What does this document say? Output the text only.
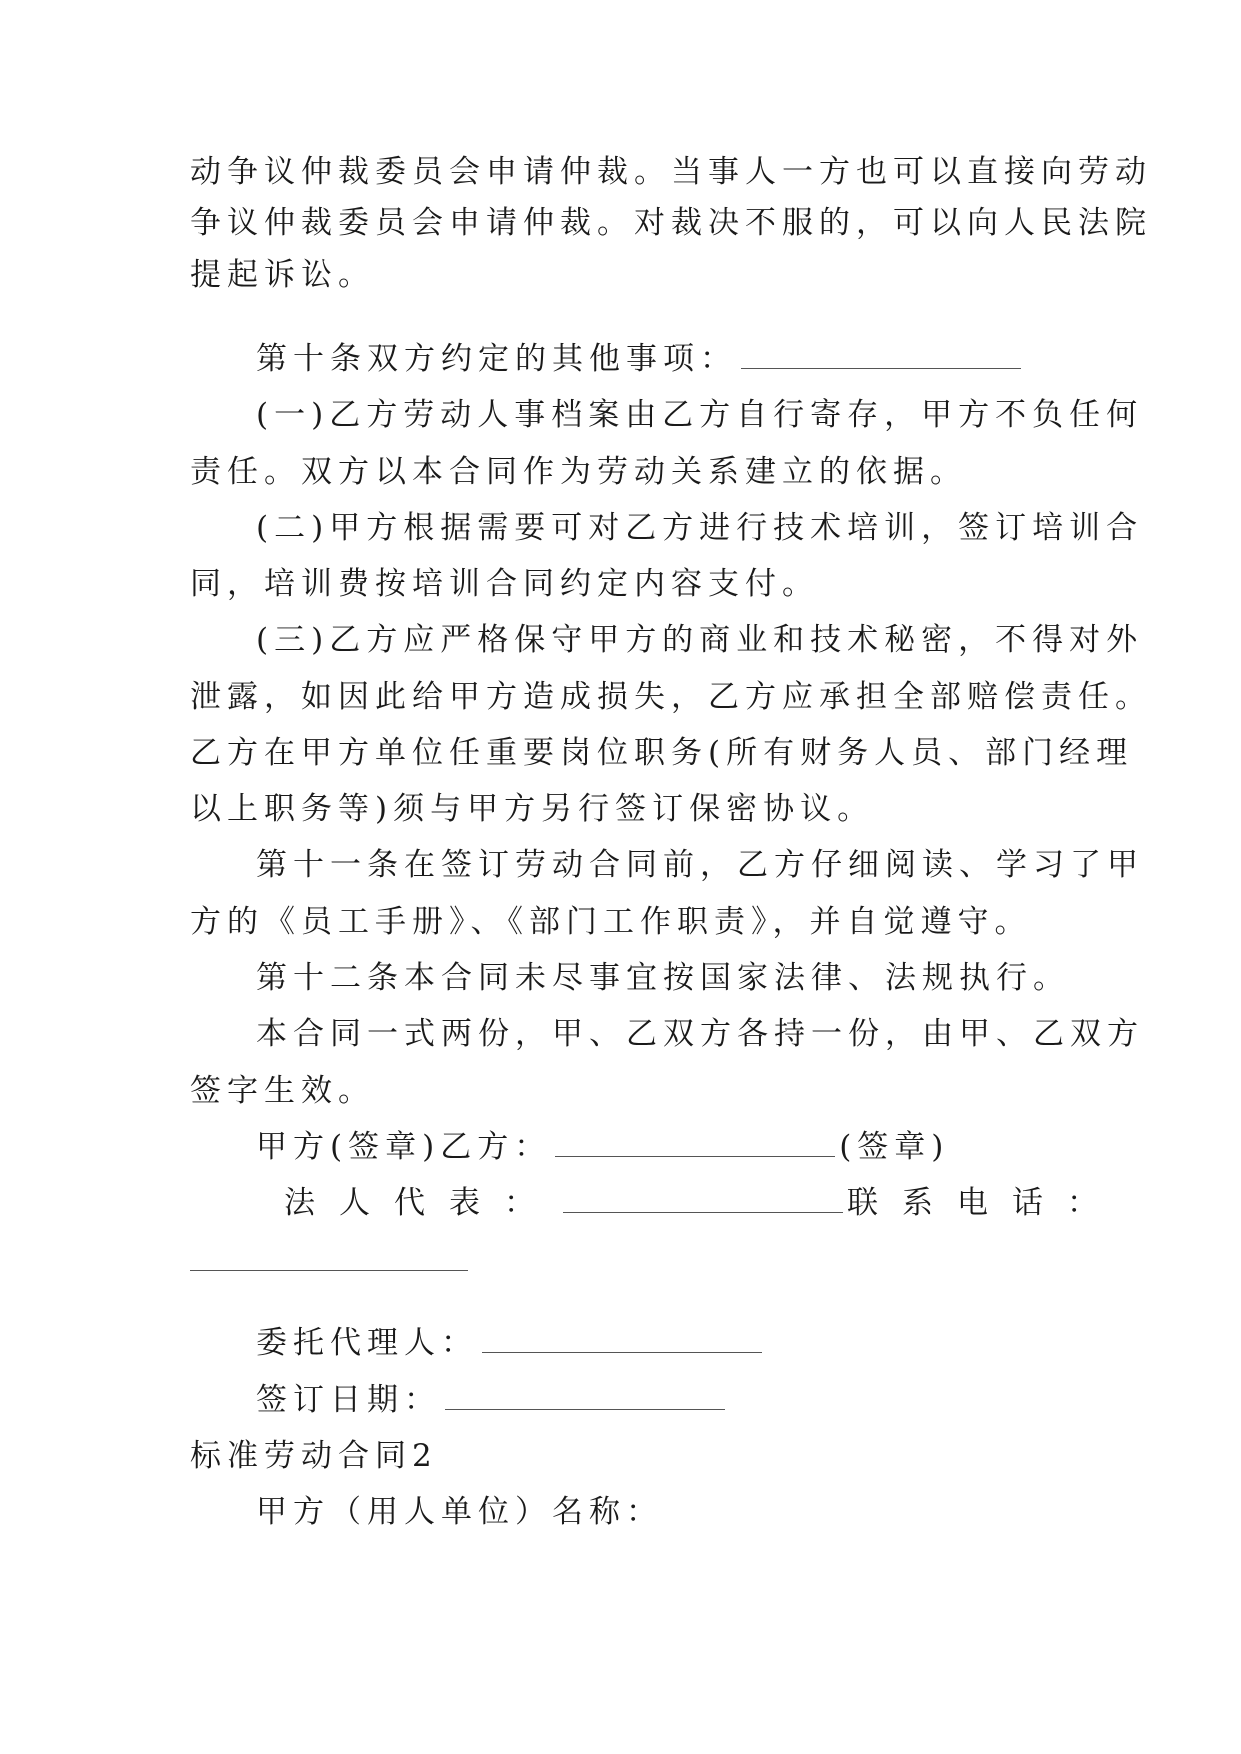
动争议仲裁委员会申请仲裁。当事人一方也可以直接向劳动
争议仲裁委员会申请仲裁。对裁决不服的，可以向人民法院
提起诉讼。
第十条双方约定的其他事项：
(一)乙方劳动人事档案由乙方自行寄存，甲方不负任何
责任。双方以本合同作为劳动关系建立的依据。
(二)甲方根据需要可对乙方进行技术培训，签订培训合
同，培训费按培训合同约定内容支付。
(三)乙方应严格保守甲方的商业和技术秘密，不得对外
泄露，如因此给甲方造成损失，乙方应承担全部赔偿责任。
乙方在甲方单位任重要岗位职务(所有财务人员、部门经理
以上职务等)须与甲方另行签订保密协议。
第十一条在签订劳动合同前，乙方仔细阅读、学习了甲
方的《员工手册》、《部门工作职责》，并自觉遵守。
第十二条本合同未尽事宜按国家法律、法规执行。
本合同一式两份，甲、乙双方各持一份，由甲、乙双方
签字生效。
甲方(签章)乙方：	(签章)
法人代表：	联系电话：
委托代理人：
签订日期：
标准劳动合同2
甲方（用人单位）名称：
